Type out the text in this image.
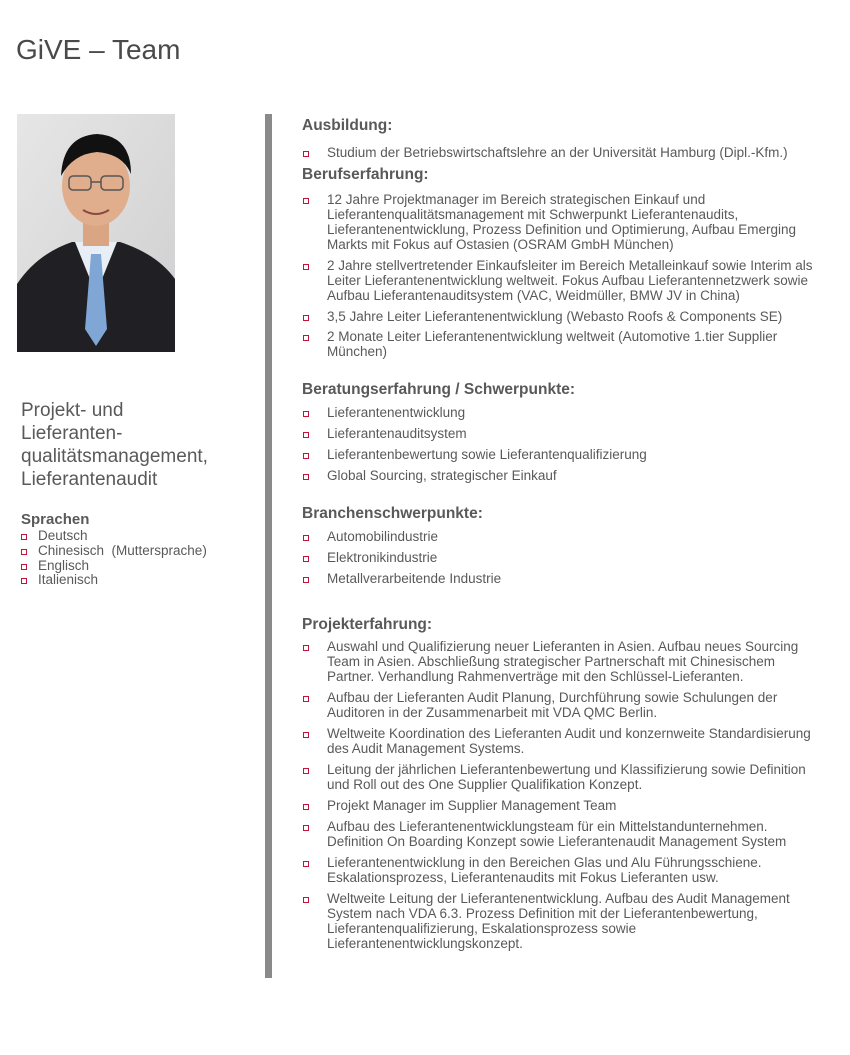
GiVE – Team
Projekt- und
Lieferanten-
qualitätsmanagement,
Lieferantenaudit
Sprachen
Deutsch
Chinesisch  (Muttersprache)
Englisch
Italienisch
Ausbildung:
Studium der Betriebswirtschaftslehre an der Universität Hamburg (Dipl.-Kfm.)
Berufserfahrung:
12 Jahre Projektmanager im Bereich strategischen Einkauf und Lieferantenqualitätsmanagement mit Schwerpunkt Lieferantenaudits, Lieferantenentwicklung, Prozess Definition und Optimierung, Aufbau Emerging Markts mit Fokus auf Ostasien (OSRAM GmbH München)
2 Jahre stellvertretender Einkaufsleiter im Bereich Metalleinkauf sowie Interim als Leiter Lieferantenentwicklung weltweit. Fokus Aufbau Lieferantennetzwerk sowie Aufbau Lieferantenauditsystem (VAC, Weidmüller, BMW JV in China)
3,5 Jahre Leiter Lieferantenentwicklung (Webasto Roofs & Components SE)
2 Monate Leiter Lieferantenentwicklung weltweit (Automotive 1.tier Supplier München)
Beratungserfahrung / Schwerpunkte:
Lieferantenentwicklung
Lieferantenauditsystem
Lieferantenbewertung sowie Lieferantenqualifizierung
Global Sourcing, strategischer Einkauf
Branchenschwerpunkte:
Automobilindustrie
Elektronikindustrie
Metallverarbeitende Industrie
Projekterfahrung:
Auswahl und Qualifizierung neuer Lieferanten in Asien. Aufbau neues Sourcing Team in Asien. Abschließung strategischer Partnerschaft mit Chinesischem Partner. Verhandlung Rahmenverträge mit den Schlüssel-Lieferanten.
Aufbau der Lieferanten Audit Planung, Durchführung sowie Schulungen der Auditoren in der Zusammenarbeit mit VDA QMC Berlin.
Weltweite Koordination des Lieferanten Audit und konzernweite Standardisierung des Audit Management Systems.
Leitung der jährlichen Lieferantenbewertung und Klassifizierung sowie Definition und Roll out des One Supplier Qualifikation Konzept.
Projekt Manager im Supplier Management Team
Aufbau des Lieferantenentwicklungsteam für ein Mittelstandunternehmen. Definition On Boarding Konzept sowie Lieferantenaudit Management System
Lieferantenentwicklung in den Bereichen Glas und Alu Führungsschiene. Eskalationsprozess, Lieferantenaudits mit Fokus Lieferanten usw.
Weltweite Leitung der Lieferantenentwicklung. Aufbau des Audit Management System nach VDA 6.3. Prozess Definition mit der Lieferantenbewertung, Lieferantenqualifizierung, Eskalationsprozess sowie Lieferantenentwicklungskonzept.
